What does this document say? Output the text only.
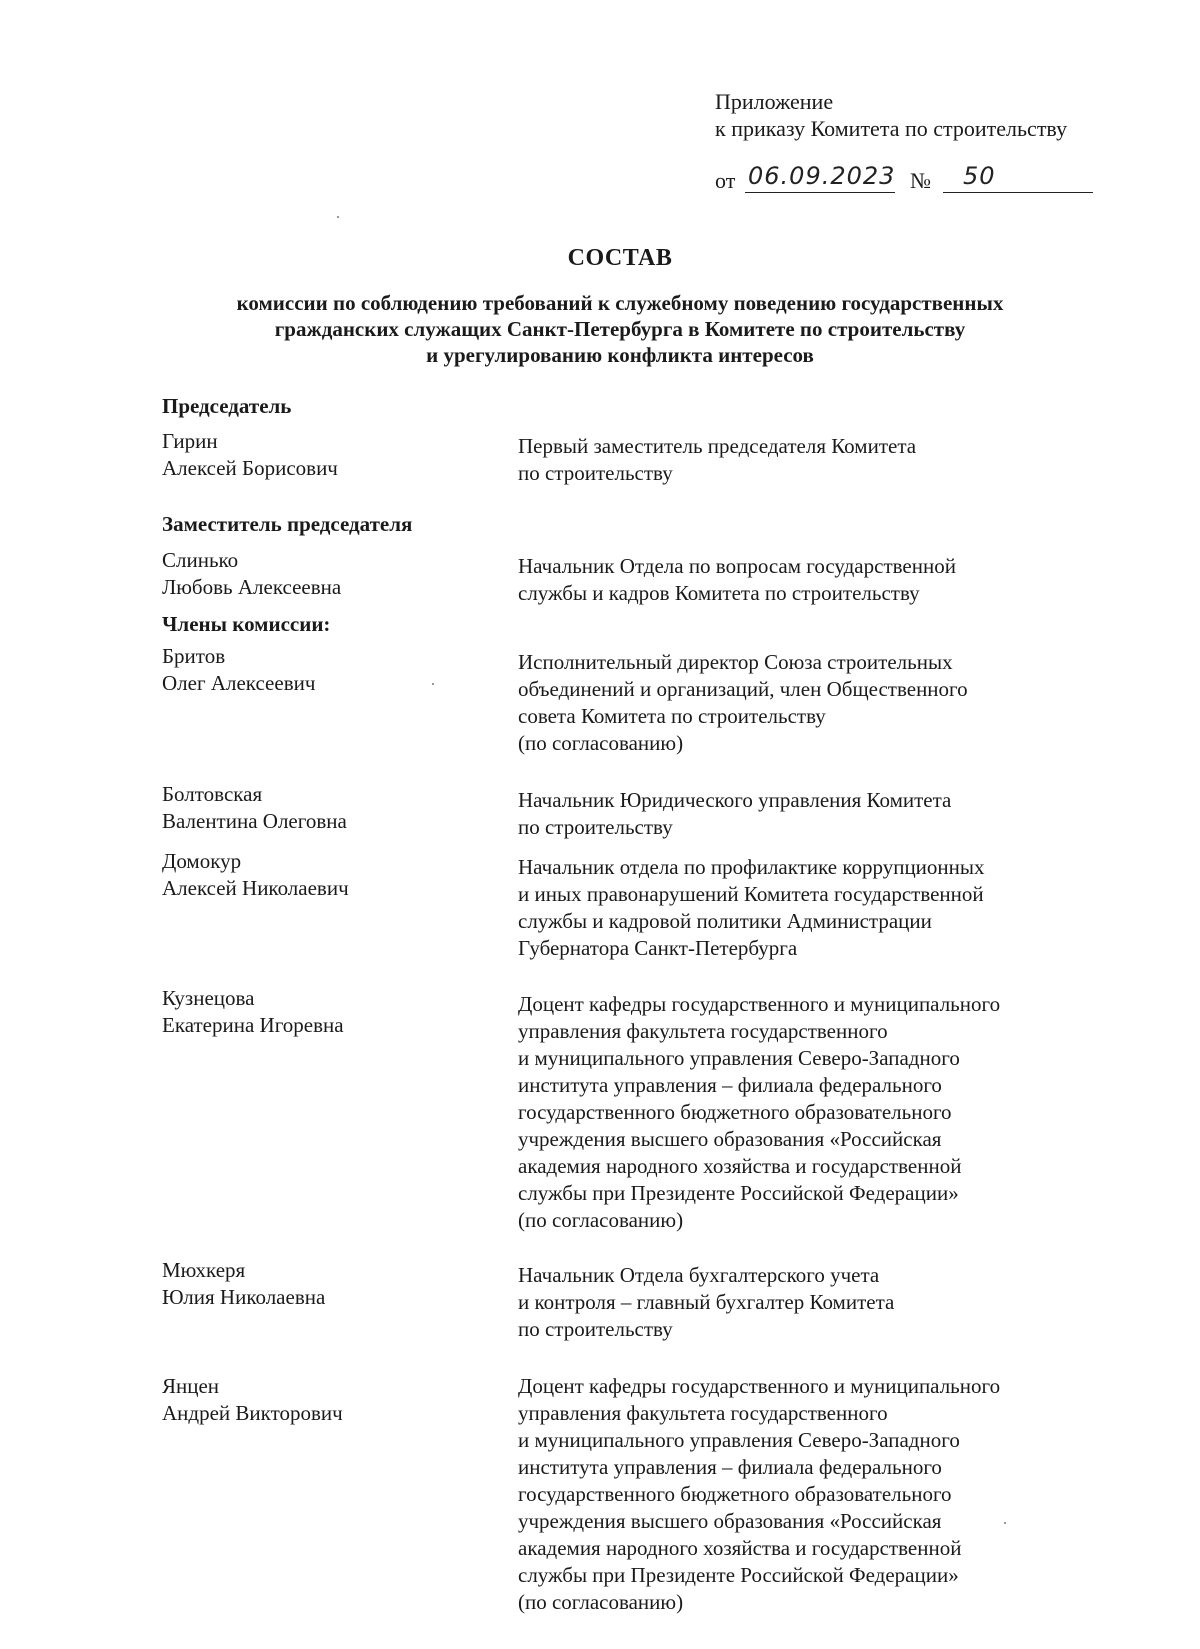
Приложение
к приказу Комитета по строительству
от 06.09.2023 № 50
СОСТАВ
комиссии по соблюдению требований к служебному поведению государственных
гражданских служащих Санкт-Петербурга в Комитете по строительству
и урегулированию конфликта интересов
Председатель
Гирин
Алексей Борисович
Первый заместитель председателя Комитета
по строительству
Заместитель председателя
Слинько
Любовь Алексеевна
Начальник Отдела по вопросам государственной
службы и кадров Комитета по строительству
Члены комиссии:
Бритов
Олег Алексеевич
Исполнительный директор Союза строительных
объединений и организаций, член Общественного
совета Комитета по строительству
(по согласованию)
Болтовская
Валентина Олеговна
Начальник Юридического управления Комитета
по строительству
Домокур
Алексей Николаевич
Начальник отдела по профилактике коррупционных
и иных правонарушений Комитета государственной
службы и кадровой политики Администрации
Губернатора Санкт-Петербурга
Кузнецова
Екатерина Игоревна
Доцент кафедры государственного и муниципального
управления факультета государственного
и муниципального управления Северо-Западного
института управления – филиала федерального
государственного бюджетного образовательного
учреждения высшего образования «Российская
академия народного хозяйства и государственной
службы при Президенте Российской Федерации»
(по согласованию)
Мюхкеря
Юлия Николаевна
Начальник Отдела бухгалтерского учета
и контроля – главный бухгалтер Комитета
по строительству
Янцен
Андрей Викторович
Доцент кафедры государственного и муниципального
управления факультета государственного
и муниципального управления Северо-Западного
института управления – филиала федерального
государственного бюджетного образовательного
учреждения высшего образования «Российская
академия народного хозяйства и государственной
службы при Президенте Российской Федерации»
(по согласованию)
